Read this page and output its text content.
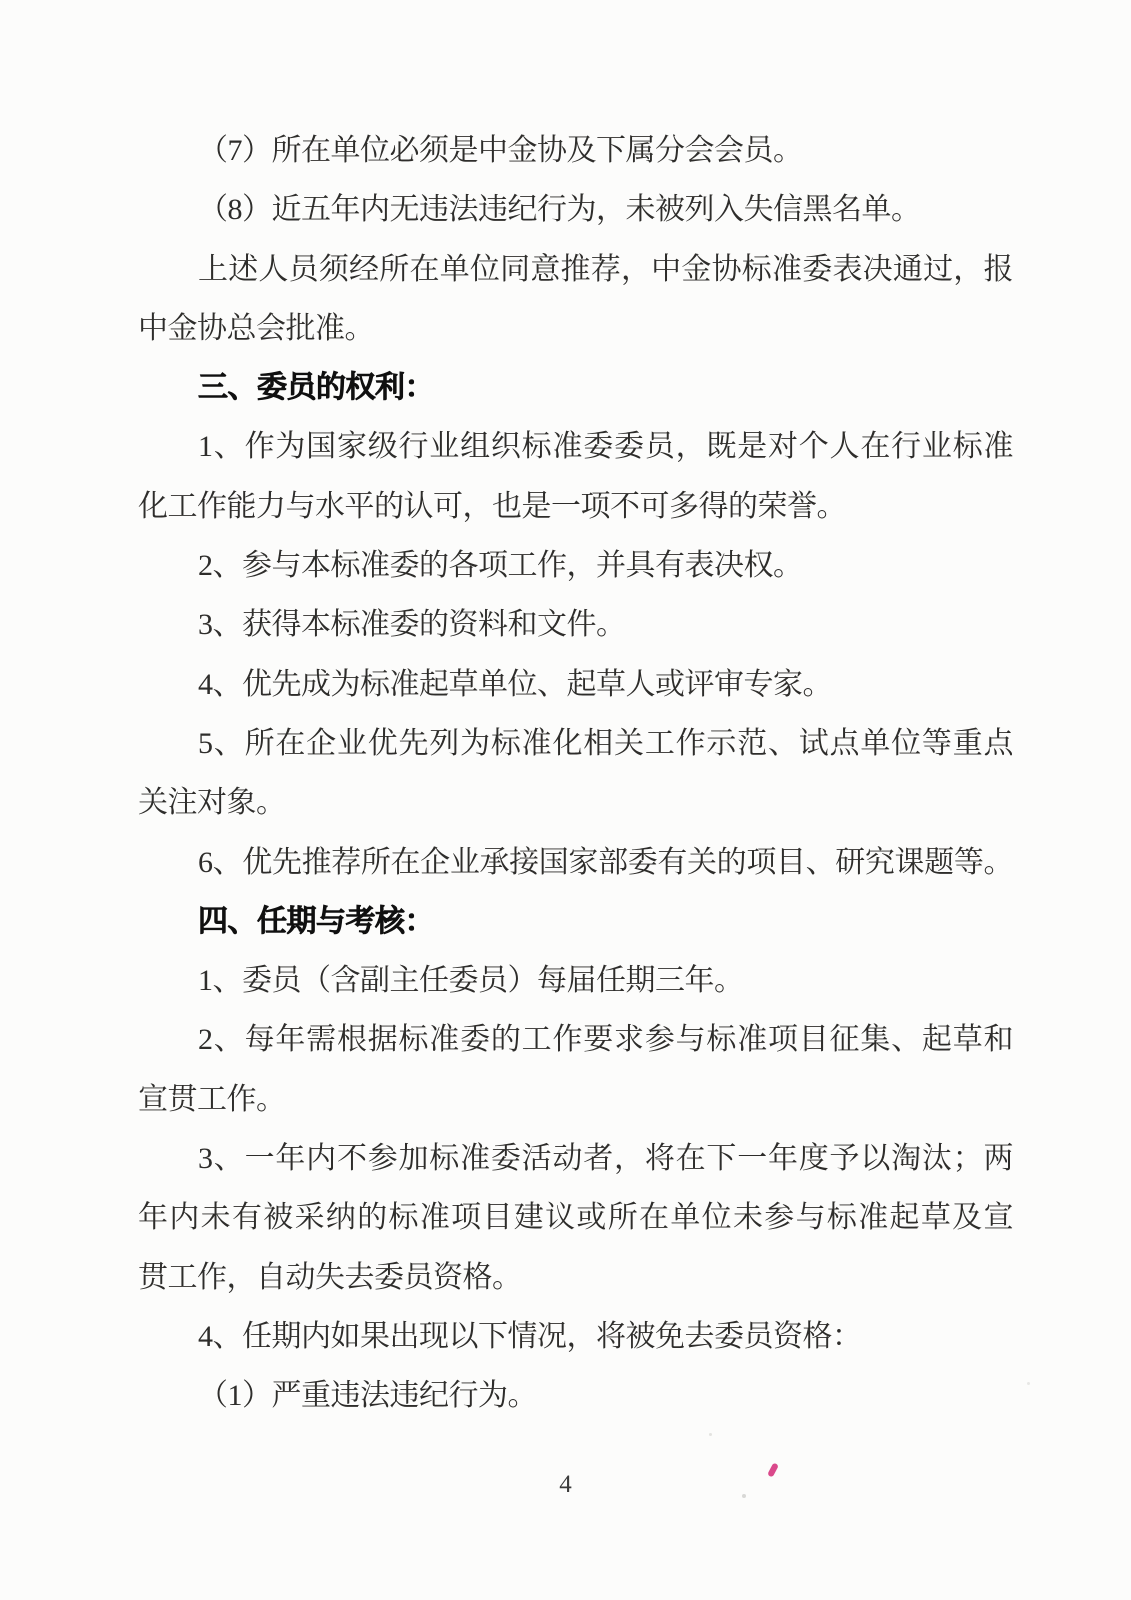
（7）所在单位必须是中金协及下属分会会员。
（8）近五年内无违法违纪行为，未被列入失信黑名单。
上述人员须经所在单位同意推荐，中金协标准委表决通过，报
中金协总会批准。
三、委员的权利：
1、作为国家级行业组织标准委委员，既是对个人在行业标准
化工作能力与水平的认可，也是一项不可多得的荣誉。
2、参与本标准委的各项工作，并具有表决权。
3、获得本标准委的资料和文件。
4、优先成为标准起草单位、起草人或评审专家。
5、所在企业优先列为标准化相关工作示范、试点单位等重点
关注对象。
6、优先推荐所在企业承接国家部委有关的项目、研究课题等。
四、任期与考核：
1、委员（含副主任委员）每届任期三年。
2、每年需根据标准委的工作要求参与标准项目征集、起草和
宣贯工作。
3、一年内不参加标准委活动者，将在下一年度予以淘汰；两
年内未有被采纳的标准项目建议或所在单位未参与标准起草及宣
贯工作，自动失去委员资格。
4、任期内如果出现以下情况，将被免去委员资格：
（1）严重违法违纪行为。
4
